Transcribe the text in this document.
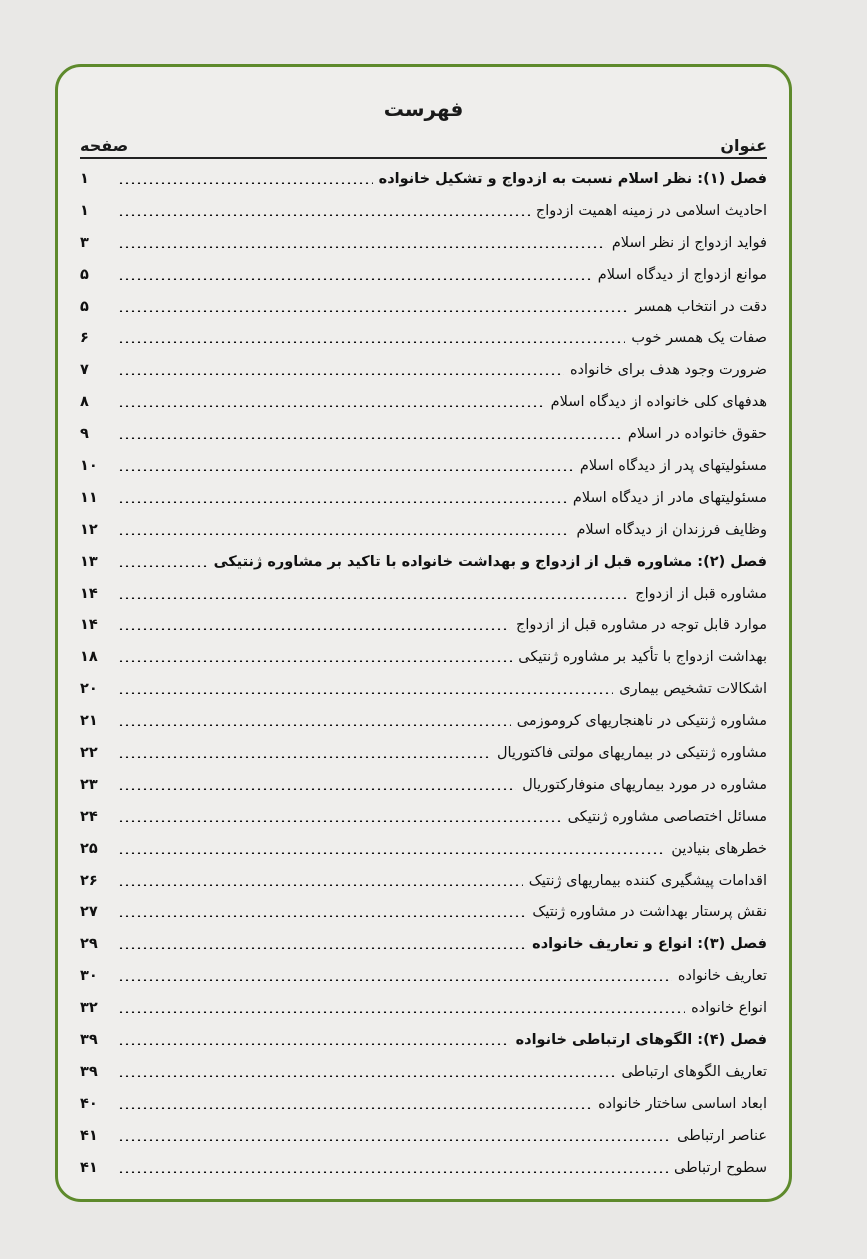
فهرست
عنوان
صفحه
فصل (۱): نظر اسلام نسبت به ازدواج و تشکیل خانواده
۱
احادیث اسلامی در زمینه اهمیت ازدواج
۱
فواید ازدواج از نظر اسلام
۳
موانع ازدواج از دیدگاه اسلام
۵
دقت در انتخاب همسر
۵
صفات یک همسر خوب
۶
ضرورت وجود هدف برای خانواده
۷
هدفهای کلی خانواده از دیدگاه اسلام
۸
حقوق خانواده در اسلام
۹
مسئولیتهای پدر از دیدگاه اسلام
۱۰
مسئولیتهای مادر از دیدگاه اسلام
۱۱
وظایف فرزندان از دیدگاه اسلام
۱۲
فصل (۲): مشاوره قبل از ازدواج و بهداشت خانواده با تاکید بر مشاوره ژنتیکی
۱۳
مشاوره قبل از ازدواج
۱۴
موارد قابل توجه در مشاوره قبل از ازدواج
۱۴
بهداشت ازدواج با تأکید بر مشاوره ژنتیکی
۱۸
اشکالات تشخیص بیماری
۲۰
مشاوره ژنتیکی در ناهنجاریهای کروموزمی
۲۱
مشاوره ژنتیکی در بیماریهای مولتی فاکتوریال
۲۲
مشاوره در مورد بیماریهای منوفارکتوریال
۲۳
مسائل اختصاصی مشاوره ژنتیکی
۲۴
خطرهای بنیادین
۲۵
اقدامات پیشگیری کننده بیماریهای ژنتیک
۲۶
نقش پرستار بهداشت در مشاوره ژنتیک
۲۷
فصل (۳): انواع و تعاریف خانواده
۲۹
تعاریف خانواده
۳۰
انواع خانواده
۳۲
فصل (۴): الگوهای ارتباطی خانواده
۳۹
تعاریف الگوهای ارتباطی
۳۹
ابعاد اساسی ساختار خانواده
۴۰
عناصر ارتباطی
۴۱
سطوح ارتباطی
۴۱
